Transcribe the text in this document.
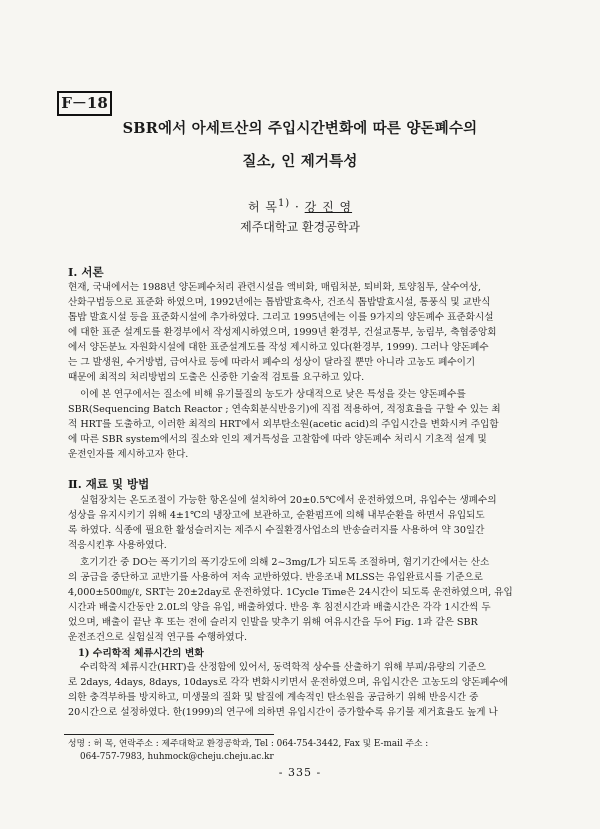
F－18
SBR에서 아세트산의 주입시간변화에 따른 양돈폐수의
질소, 인 제거특성
허 목$^{1)}$ · 강 진 영
제주대학교 환경공학과
Ⅰ. 서론
현재, 국내에서는 1988년 양돈폐수처리 관련시설을 액비화, 매립처분, 퇴비화, 토양침투, 살수여상,
산화구법등으로 표준화 하였으며, 1992년에는 톱밥발효축사, 건조식 톱밥발효시설, 통풍식 및 교반식
톱밥 발효시설 등을 표준화시설에 추가하였다. 그리고 1995년에는 이를 9가지의 양돈폐수 표준화시설
에 대한 표준 설계도를 환경부에서 작성제시하였으며, 1999년 환경부, 건설교통부, 농림부, 축협중앙회
에서 양돈분뇨 자원화시설에 대한 표준설계도를 작성 제시하고 있다(환경부, 1999). 그러나 양돈폐수
는 그 발생원, 수거방법, 급여사료 등에 따라서 폐수의 성상이 달라질 뿐만 아니라 고농도 폐수이기
때문에 최적의 처리방법의 도출은 신중한 기술적 검토를 요구하고 있다.
이에 본 연구에서는 질소에 비해 유기물질의 농도가 상대적으로 낮은 특성을 갖는 양돈폐수를
SBR(Sequencing Batch Reactor ; 연속회분식반응기)에 직접 적용하여, 적정효율을 구할 수 있는 최
적 HRT를 도출하고, 이러한 최적의 HRT에서 외부탄소원(acetic acid)의 주입시간을 변화시켜 주입함
에 따른 SBR system에서의 질소와 인의 제거특성을 고찰함에 따라 양돈폐수 처리시 기초적 설계 및
운전인자를 제시하고자 한다.
Ⅱ. 재료 및 방법
실험장치는 온도조절이 가능한 항온실에 설치하여 20±0.5℃에서 운전하였으며, 유입수는 생폐수의
성상을 유지시키기 위해 4±1℃의 냉장고에 보관하고, 순환펌프에 의해 내부순환을 하면서 유입되도
록 하였다. 식종에 필요한 활성슬러지는 제주시 수질환경사업소의 반송슬러지를 사용하여 약 30일간
적응시킨후 사용하였다.
호기기간 중 DO는 폭기기의 폭기강도에 의해 2~3mg/L가 되도록 조절하며, 혐기기간에서는 산소
의 공급을 중단하고 교반기를 사용하여 저속 교반하였다. 반응조내 MLSS는 유입완료시를 기준으로
4,000±500㎎/ℓ, SRT는 20±2day로 운전하였다. 1Cycle Time은 24시간이 되도록 운전하였으며, 유입
시간과 배출시간동안 2.0L의 양을 유입, 배출하였다. 반응 후 침전시간과 배출시간은 각각 1시간씩 두
었으며, 배출이 끝난 후 또는 전에 슬러지 인발을 맞추기 위해 여유시간을 두어 Fig. 1과 같은 SBR
운전조건으로 실험실적 연구를 수행하였다.
1) 수리학적 체류시간의 변화
수리학적 체류시간(HRT)을 산정함에 있어서, 동력학적 상수를 산출하기 위해 부피/유량의 기준으
로 2days, 4days, 8days, 10days로 각각 변화시키면서 운전하였으며, 유입시간은 고농도의 양돈폐수에
의한 충격부하를 방지하고, 미생물의 질화 및 탈질에 계속적인 탄소원을 공급하기 위해 반응시간 중
20시간으로 설정하였다. 한(1999)의 연구에 의하면 유입시간이 증가할수록 유기물 제거효율도 높게 나
성명 : 허 목, 연락주소 : 제주대학교 환경공학과, Tel : 064-754-3442, Fax 및 E-mail 주소 :
064-757-7983, huhmock@cheju.cheju.ac.kr
- 335 -
